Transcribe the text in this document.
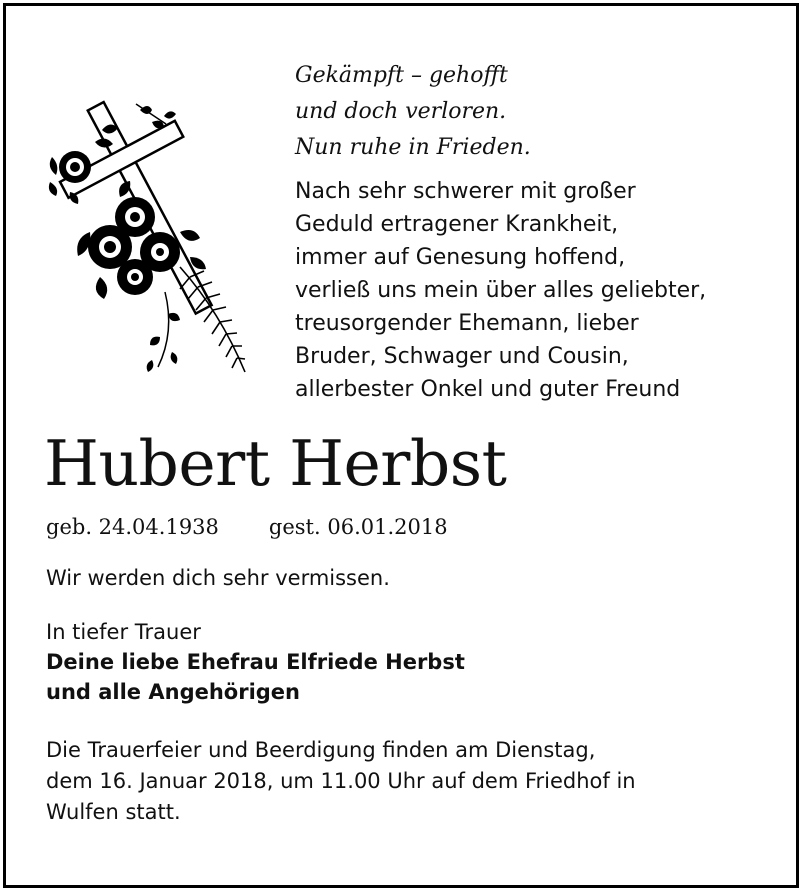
Gekämpft – gehofft
und doch verloren.
Nun ruhe in Frieden.
Nach sehr schwerer mit großer
Geduld ertragener Krankheit,
immer auf Genesung hoffend,
verließ uns mein über alles geliebter,
treusorgender Ehemann, lieber
Bruder, Schwager und Cousin,
allerbester Onkel und guter Freund
Hubert Herbst
geb. 24.04.1938 gest. 06.01.2018
Wir werden dich sehr vermissen.
In tiefer Trauer
Deine liebe Ehefrau Elfriede Herbst
und alle Angehörigen
Die Trauerfeier und Beerdigung finden am Dienstag,
dem 16. Januar 2018, um 11.00 Uhr auf dem Friedhof in
Wulfen statt.
